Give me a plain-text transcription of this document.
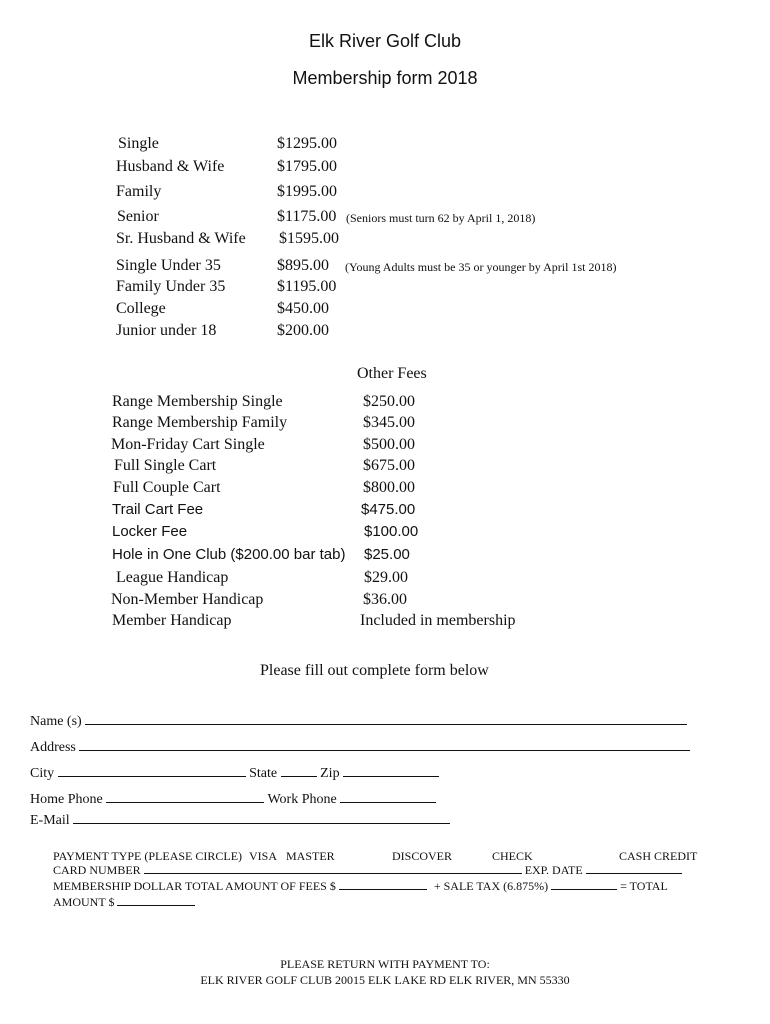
Elk River Golf Club
Membership form 2018
Single	$1295.00
Husband & Wife	$1795.00
Family	$1995.00
Senior	$1175.00 (Seniors must turn 62 by April 1, 2018)
Sr. Husband & Wife $1595.00
Single Under 35	$895.00 (Young Adults must be 35 or younger by April 1st 2018)
Family Under 35	$1195.00
College	$450.00
Junior under 18	$200.00
Other Fees
Range Membership Single	$250.00
Range Membership Family	$345.00
Mon-Friday Cart Single	$500.00
Full Single Cart	$675.00
Full Couple Cart	$800.00
Trail Cart Fee	$475.00
Locker Fee	$100.00
Hole in One Club ($200.00 bar tab) $25.00
League Handicap	$29.00
Non-Member Handicap	$36.00
Member Handicap	Included in membership
Please fill out complete form below
Name (s)
Address
City	State	Zip
Home Phone	Work Phone
E-Mail
PAYMENT TYPE (PLEASE CIRCLE) VISA MASTER	DISCOVER	CHECK	CASH CREDIT
CARD NUMBER	EXP. DATE
MEMBERSHIP DOLLAR TOTAL AMOUNT OF FEES $	+ SALE TAX (6.875%)	= TOTAL
AMOUNT $
PLEASE RETURN WITH PAYMENT TO:
ELK RIVER GOLF CLUB 20015 ELK LAKE RD ELK RIVER, MN 55330
